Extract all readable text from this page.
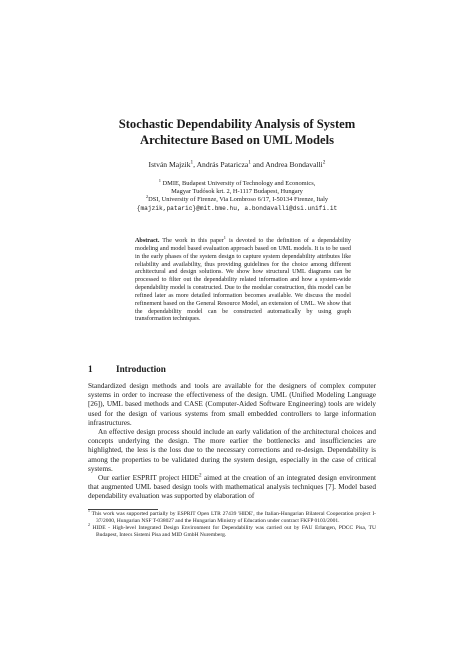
Stochastic Dependability Analysis of System
Architecture Based on UML Models
István Majzik$^1$, András Pataricza$^1$ and Andrea Bondavalli$^2$
$^1$ DMIE, Budapest University of Technology and Economics,
Magyar Tudósok krt. 2, H-1117 Budapest, Hungary
$^2$DSI, University of Firenze, Via Lombroso 6/17, I-50134 Firenze, Italy
{majzik,pataric}@mit.bme.hu, a.bondavalli@dsi.unifi.it
Abstract. The work in this paper$^1$ is devoted to the definition of a dependability modeling and model based evaluation approach based on UML models. It is to be used in the early phases of the system design to capture system dependability attributes like reliability and availability, thus providing guidelines for the choice among different architectural and design solutions. We show how structural UML diagrams can be processed to filter out the dependability related information and how a system-wide dependability model is constructed. Due to the modular construction, this model can be refined later as more detailed information becomes available. We discuss the model refinement based on the General Resource Model, an extension of UML. We show that the dependability model can be constructed automatically by using graph transformation techniques.
1	Introduction

Standardized design methods and tools are available for the designers of complex computer systems in order to increase the effectiveness of the design. UML (Unified Modeling Language [26]), UML based methods and CASE (Computer-Aided Software Engineering) tools are widely used for the design of various systems from small embedded controllers to large information infrastructures.

An effective design process should include an early validation of the architectural choices and concepts underlying the design. The more earlier the bottlenecks and insufficiencies are highlighted, the less is the loss due to the necessary corrections and re-design. Dependability is among the properties to be validated during the system design, especially in the case of critical systems.

Our earlier ESPRIT project HIDE$^2$ aimed at the creation of an integrated design environment that augmented UML based design tools with mathematical analysis techniques [7]. Model based dependability evaluation was supported by elaboration of

$^1$ This work was supported partially by ESPRIT Open LTR 27439 'HIDE', the Italian-Hungarian Bilateral Cooperation project I-37/2000, Hungarian NSF T-038027 and the Hungarian Ministry of Education under contract FKFP 0103/2001.

$^2$ HIDE - High-level Integrated Design Environment for Dependability was carried out by FAU Erlangen, PDCC Pisa, TU Budapest, Intecs Sistemi Pisa and MID GmbH Nuremberg.
